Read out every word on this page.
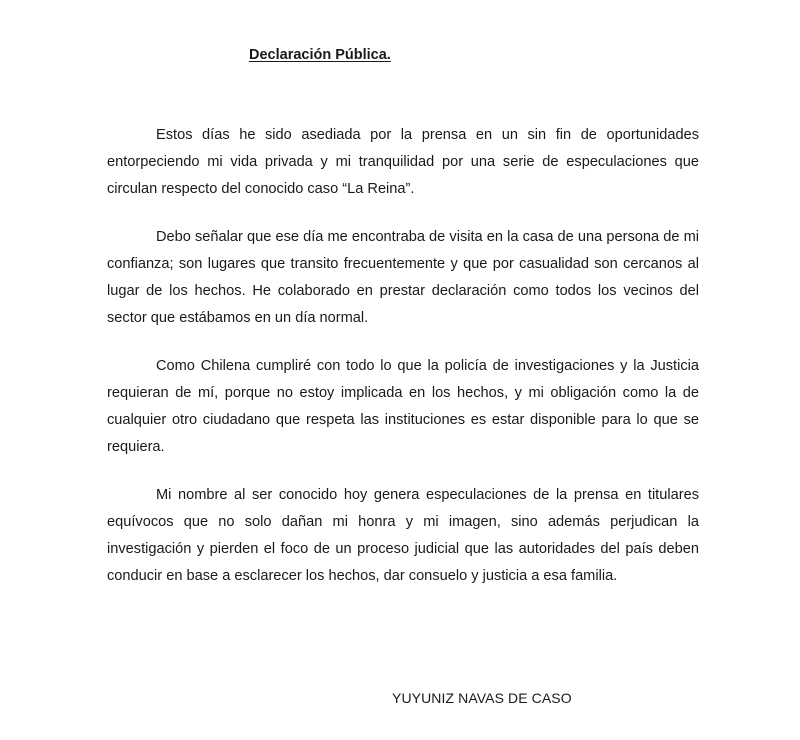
Declaración Pública.

Estos días he sido asediada por la prensa en un sin fin de oportunidades entorpeciendo mi vida privada y mi tranquilidad por una serie de especulaciones que circulan respecto del conocido caso “La Reina”.

Debo señalar que ese día me encontraba de visita en la casa de una persona de mi confianza; son lugares que transito frecuentemente y que por casualidad son cercanos al lugar de los hechos. He colaborado en prestar declaración como todos los vecinos del sector que estábamos en un día normal.

Como Chilena cumpliré con todo lo que la policía de investigaciones y la Justicia requieran de mí, porque no estoy implicada en los hechos, y mi obligación como la de cualquier otro ciudadano que respeta las instituciones es estar disponible para lo que se requiera.

Mi nombre al ser conocido hoy genera especulaciones de la prensa en titulares equívocos que no solo dañan mi honra y mi imagen, sino además perjudican la investigación y pierden el foco de un proceso judicial que las autoridades del país deben conducir en base a esclarecer los hechos, dar consuelo y justicia a esa familia.

YUYUNIZ NAVAS DE CASO
